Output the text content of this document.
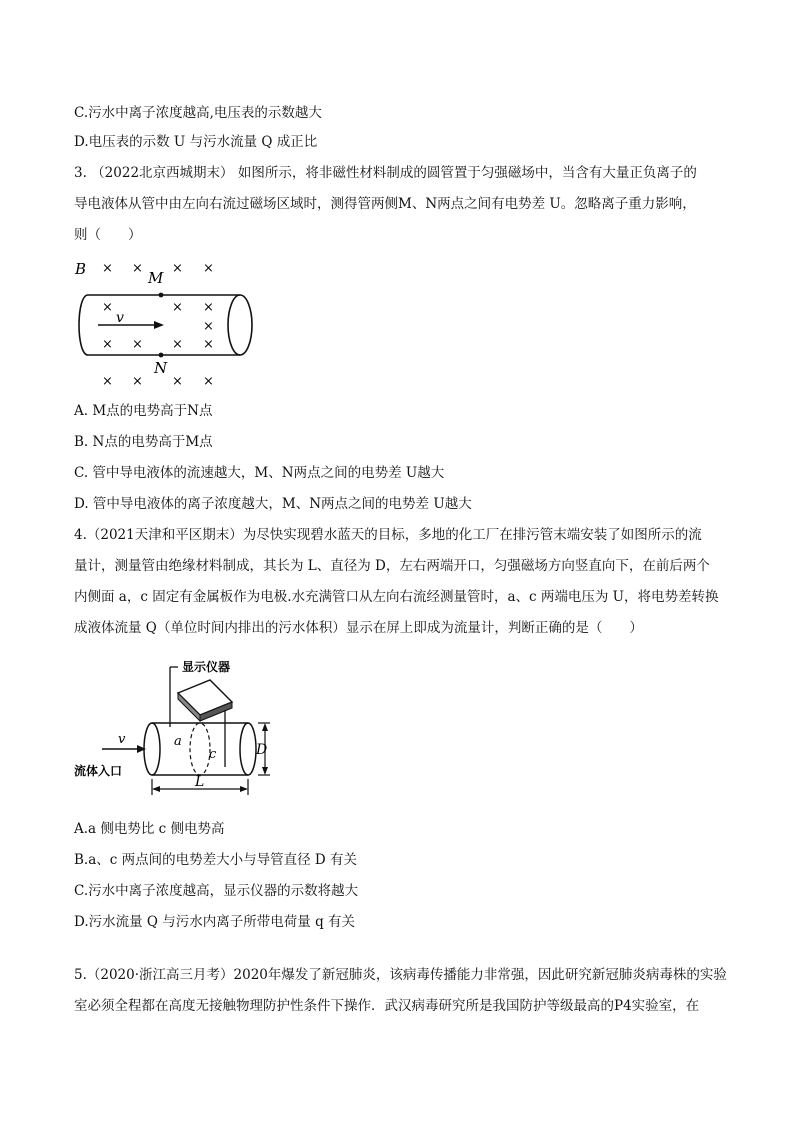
C.污水中离子浓度越高,电压表的示数越大
D.电压表的示数 U 与污水流量 Q 成正比
3. （2022北京西城期末） 如图所示，将非磁性材料制成的圆管置于匀强磁场中，当含有大量正负离子的
导电液体从管中由左向右流过磁场区域时，测得管两侧M、N两点之间有电势差 U。忽略离子重力影响，
则（　　）
B × × × ×
M
×	× ×
v
×
× × × ×
N
× × × ×
A. M点的电势高于N点
B. N点的电势高于M点
C. 管中导电液体的流速越大，M、N两点之间的电势差 U越大
D. 管中导电液体的离子浓度越大，M、N两点之间的电势差 U越大
4.（2021天津和平区期末）为尽快实现碧水蓝天的目标，多地的化工厂在排污管末端安装了如图所示的流
量计，测量管由绝缘材料制成，其长为 L、直径为 D，左右两端开口，匀强磁场方向竖直向下，在前后两个
内侧面 a，c 固定有金属板作为电极.水充满管口从左向右流经测量管时，a、c 两端电压为 U，将电势差转换
成液体流量 Q（单位时间内排出的污水体积）显示在屏上即成为流量计，判断正确的是（　　）
显示仪器
a
c
v
流体入口
D
L
A.a 侧电势比 c 侧电势高
B.a、c 两点间的电势差大小与导管直径 D 有关
C.污水中离子浓度越高，显示仪器的示数将越大
D.污水流量 Q 与污水内离子所带电荷量 q 有关
5.（2020·浙江高三月考）2020年爆发了新冠肺炎，该病毒传播能力非常强，因此研究新冠肺炎病毒株的实验
室必须全程都在高度无接触物理防护性条件下操作．武汉病毒研究所是我国防护等级最高的P4实验室，在
